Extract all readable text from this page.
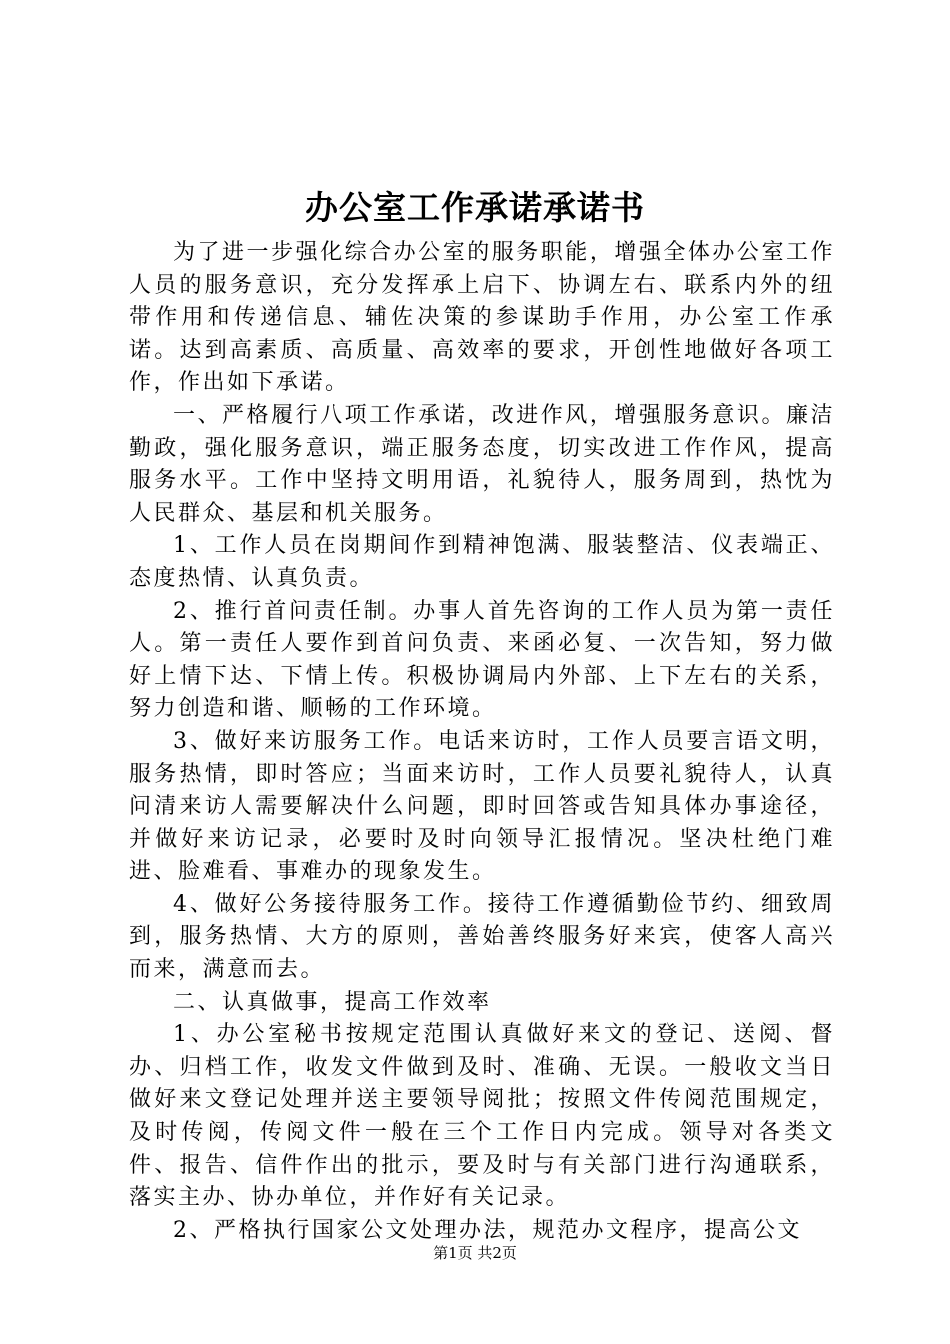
办公室工作承诺承诺书

为了进一步强化综合办公室的服务职能，增强全体办公室工作人员的服务意识，充分发挥承上启下、协调左右、联系内外的纽带作用和传递信息、辅佐决策的参谋助手作用，办公室工作承诺。达到高素质、高质量、高效率的要求，开创性地做好各项工作，作出如下承诺。

一、严格履行八项工作承诺，改进作风，增强服务意识。廉洁勤政，强化服务意识，端正服务态度，切实改进工作作风，提高服务水平。工作中坚持文明用语，礼貌待人，服务周到，热忱为人民群众、基层和机关服务。

1、工作人员在岗期间作到精神饱满、服装整洁、仪表端正、态度热情、认真负责。

2、推行首问责任制。办事人首先咨询的工作人员为第一责任人。第一责任人要作到首问负责、来函必复、一次告知，努力做好上情下达、下情上传。积极协调局内外部、上下左右的关系，努力创造和谐、顺畅的工作环境。

3、做好来访服务工作。电话来访时，工作人员要言语文明，服务热情，即时答应；当面来访时，工作人员要礼貌待人，认真问清来访人需要解决什么问题，即时回答或告知具体办事途径，并做好来访记录，必要时及时向领导汇报情况。坚决杜绝门难进、脸难看、事难办的现象发生。

4、做好公务接待服务工作。接待工作遵循勤俭节约、细致周到，服务热情、大方的原则，善始善终服务好来宾，使客人高兴而来，满意而去。

二、认真做事，提高工作效率

1、办公室秘书按规定范围认真做好来文的登记、送阅、督办、归档工作，收发文件做到及时、准确、无误。一般收文当日做好来文登记处理并送主要领导阅批；按照文件传阅范围规定，及时传阅，传阅文件一般在三个工作日内完成。领导对各类文件、报告、信件作出的批示，要及时与有关部门进行沟通联系，落实主办、协办单位，并作好有关记录。

2、严格执行国家公文处理办法，规范办文程序，提高公文

第1页 共2页
